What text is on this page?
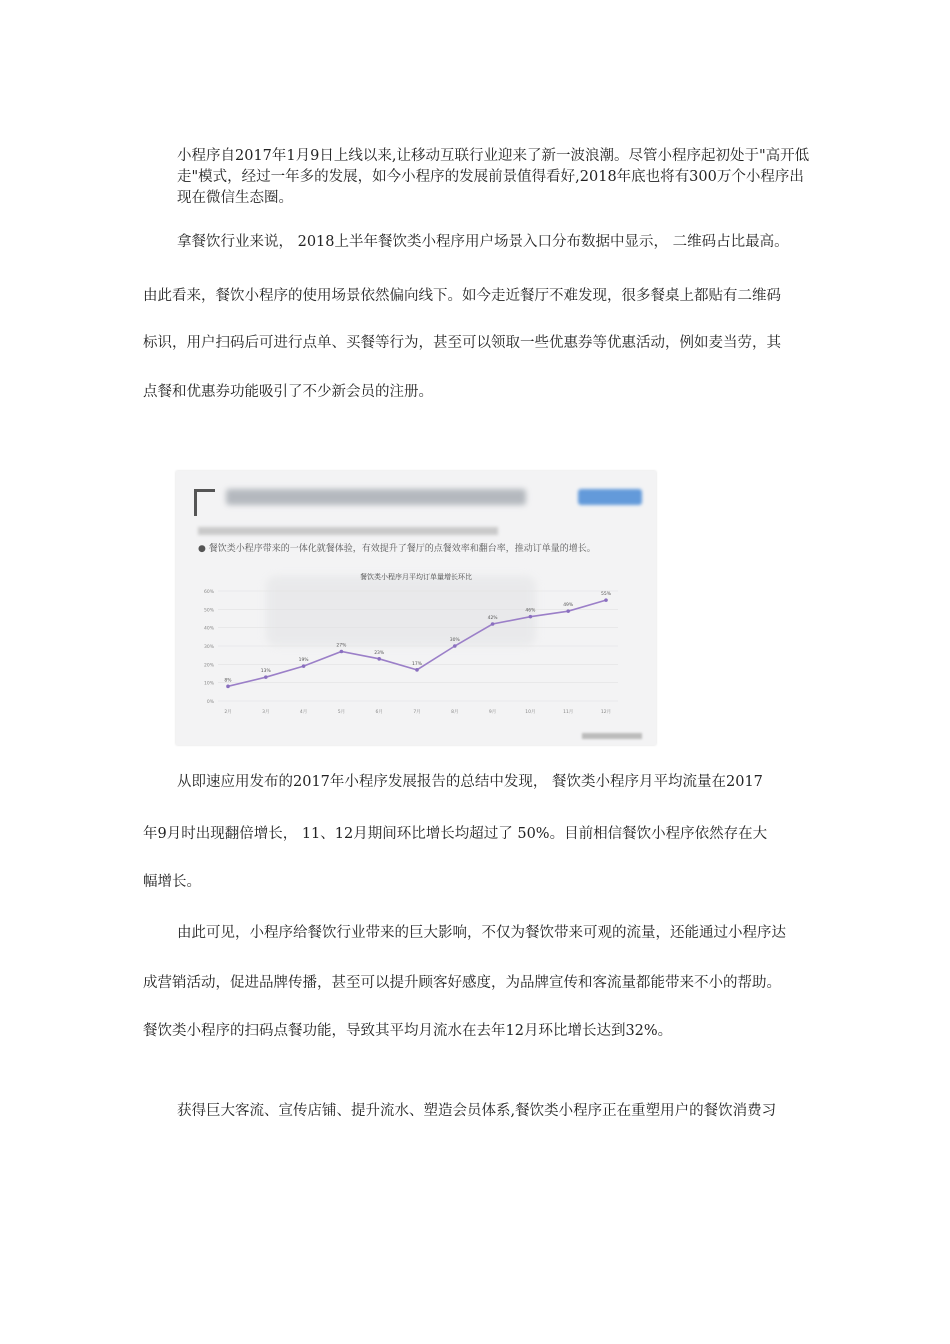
小程序自2017年1月9日上线以来,让移动互联行业迎来了新一波浪潮。尽管小程序起初处于"高开低走"模式，经过一年多的发展，如今小程序的发展前景值得看好,2018年底也将有300万个小程序出现在微信生态圈。

拿餐饮行业来说， 2018上半年餐饮类小程序用户场景入口分布数据中显示， 二维码占比最高。

由此看来，餐饮小程序的使用场景依然偏向线下。如今走近餐厅不难发现，很多餐桌上都贴有二维码

标识，用户扫码后可进行点单、买餐等行为，甚至可以领取一些优惠券等优惠活动，例如麦当劳，其

点餐和优惠券功能吸引了不少新会员的注册。

● 餐饮类小程序带来的一体化就餐体验，有效提升了餐厅的点餐效率和翻台率，推动订单量的增长。
餐饮类小程序月平均订单量增长环比
0%
10%
20%
30%
40%
50%
60%
2月	3月	4月	5月	6月	7月	8月	9月	10月	11月	12月
8%
13%
19%
27%
23%
17%
30%
42%
46%
49%
55%

从即速应用发布的2017年小程序发展报告的总结中发现， 餐饮类小程序月平均流量在2017

年9月时出现翻倍增长， 11、12月期间环比增长均超过了 50%。目前相信餐饮小程序依然存在大

幅增长。

由此可见，小程序给餐饮行业带来的巨大影响，不仅为餐饮带来可观的流量，还能通过小程序达

成营销活动，促进品牌传播，甚至可以提升顾客好感度，为品牌宣传和客流量都能带来不小的帮助。

餐饮类小程序的扫码点餐功能，导致其平均月流水在去年12月环比增长达到32%。

获得巨大客流、宣传店铺、提升流水、塑造会员体系,餐饮类小程序正在重塑用户的餐饮消费习
